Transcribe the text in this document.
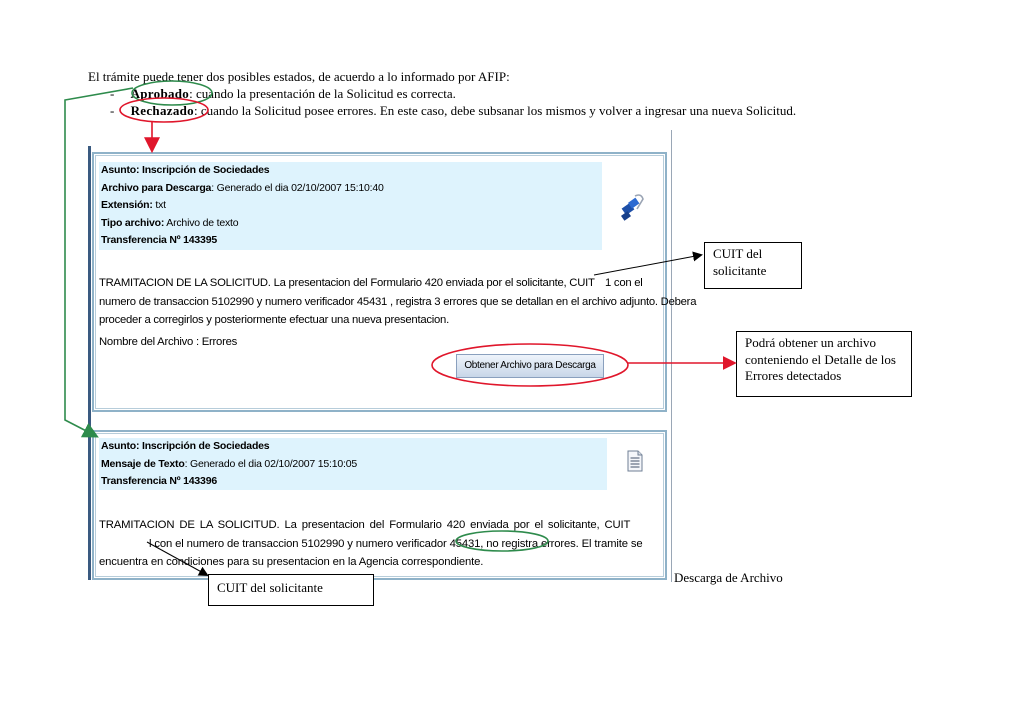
El trámite puede tener dos posibles estados, de acuerdo a lo informado por AFIP:
- Aprobado: cuando la presentación de la Solicitud es correcta.
- Rechazado: cuando la Solicitud posee errores. En este caso, debe subsanar los mismos y volver a ingresar una nueva Solicitud.
Asunto: Inscripción de Sociedades
Archivo para Descarga: Generado el dia 02/10/2007 15:10:40
Extensión: txt
Tipo archivo: Archivo de texto
Transferencia Nº 143395
TRAMITACION DE LA SOLICITUD. La presentacion del Formulario 420 enviada por el solicitante, CUIT 1 con el

numero de transaccion 5102990 y numero verificador 45431 , registra 3 errores que se detallan en el archivo adjunto. Debera
proceder a corregirlos y posteriormente efectuar una nueva presentacion.
Nombre del Archivo : Errores
Obtener Archivo para Descarga
Asunto: Inscripción de Sociedades
Mensaje de Texto: Generado el dia 02/10/2007 15:10:05
Transferencia Nº 143396
TRAMITACION DE LA SOLICITUD. La presentacion del Formulario 420 enviada por el solicitante, CUIT
l con el numero de transaccion 5102990 y numero verificador 45431, no registra errores. El tramite se
encuentra en condiciones para su presentacion en la Agencia correspondiente.
CUIT del solicitante
Podrá obtener un archivo conteniendo el Detalle de los Errores detectados
CUIT del solicitante
Descarga de Archivo
